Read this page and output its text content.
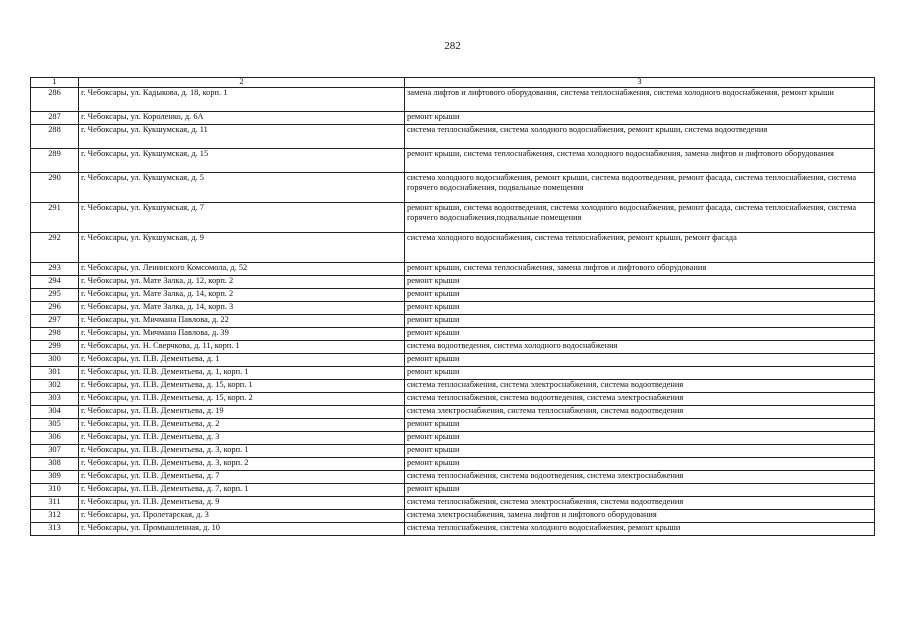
282
1	2	3
286	г. Чебоксары, ул. Кадыкова, д. 18, корп. 1	замена лифтов и лифтового оборудования, система теплоснабжения, система холодного водоснабжения, ремонт крыши
287	г. Чебоксары, ул. Короленко, д. 6А	ремонт крыши
288	г. Чебоксары, ул. Кукшумская, д. 11	система теплоснабжения, система холодного водоснабжения, ремонт крыши, система водоотведения
289	г. Чебоксары, ул. Кукшумская, д. 15	ремонт крыши, система теплоснабжения, система холодного водоснабжения, замена лифтов и лифтового оборудования
290	г. Чебоксары, ул. Кукшумская, д. 5	система холодного водоснабжения, ремонт крыши, система водоотведения, ремонт фасада, система теплоснабжения, система горячего водоснабжения, подвальные помещения
291	г. Чебоксары, ул. Кукшумская, д. 7	ремонт крыши, система водоотведения, система холодного водоснабжения, ремонт фасада, система теплоснабжения, система горячего водоснабжения,подвальные помещения
292	г. Чебоксары, ул. Кукшумская, д. 9	система холодного водоснабжения, система теплоснабжения, ремонт крыши, ремонт фасада
293	г. Чебоксары, ул. Ленинского Комсомола, д. 52	ремонт крыши, система теплоснабжения, замена лифтов и лифтового оборудования
294	г. Чебоксары, ул. Мате Залка, д. 12, корп. 2	ремонт крыши
295	г. Чебоксары, ул. Мате Залка, д. 14, корп. 2	ремонт крыши
296	г. Чебоксары, ул. Мате Залка, д. 14, корп. 3	ремонт крыши
297	г. Чебоксары, ул. Мичмана Павлова, д. 22	ремонт крыши
298	г. Чебоксары, ул. Мичмана Павлова, д. 39	ремонт крыши
299	г. Чебоксары, ул. Н. Сверчкова, д. 11, корп. 1	система водоотведения, система холодного водоснабжения
300	г. Чебоксары, ул. П.В. Дементьева, д. 1	ремонт крыши
301	г. Чебоксары, ул. П.В. Дементьева, д. 1, корп. 1	ремонт крыши
302	г. Чебоксары, ул. П.В. Дементьева, д. 15, корп. 1	система теплоснабжения, система электроснабжения, система водоотведения
303	г. Чебоксары, ул. П.В. Дементьева, д. 15, корп. 2	система теплоснабжения, система водоотведения, система электроснабжения
304	г. Чебоксары, ул. П.В. Дементьева, д. 19	система электроснабжения, система теплоснабжения, система водоотведения
305	г. Чебоксары, ул. П.В. Дементьева, д. 2	ремонт крыши
306	г. Чебоксары, ул. П.В. Дементьева, д. 3	ремонт крыши
307	г. Чебоксары, ул. П.В. Дементьева, д. 3, корп. 1	ремонт крыши
308	г. Чебоксары, ул. П.В. Дементьева, д. 3, корп. 2	ремонт крыши
309	г. Чебоксары, ул. П.В. Дементьева, д. 7	система теплоснабжения, система водоотведения, система электроснабжения
310	г. Чебоксары, ул. П.В. Дементьева, д. 7, корп. 1	ремонт крыши
311	г. Чебоксары, ул. П.В. Дементьева, д. 9	система теплоснабжения, система электроснабжения, система водоотведения
312	г. Чебоксары, ул. Пролетарская, д. 3	система электроснабжения, замена лифтов и лифтового оборудования
313	г. Чебоксары, ул. Промышленная, д. 10	система теплоснабжения, система холодного водоснабжения, ремонт крыши
